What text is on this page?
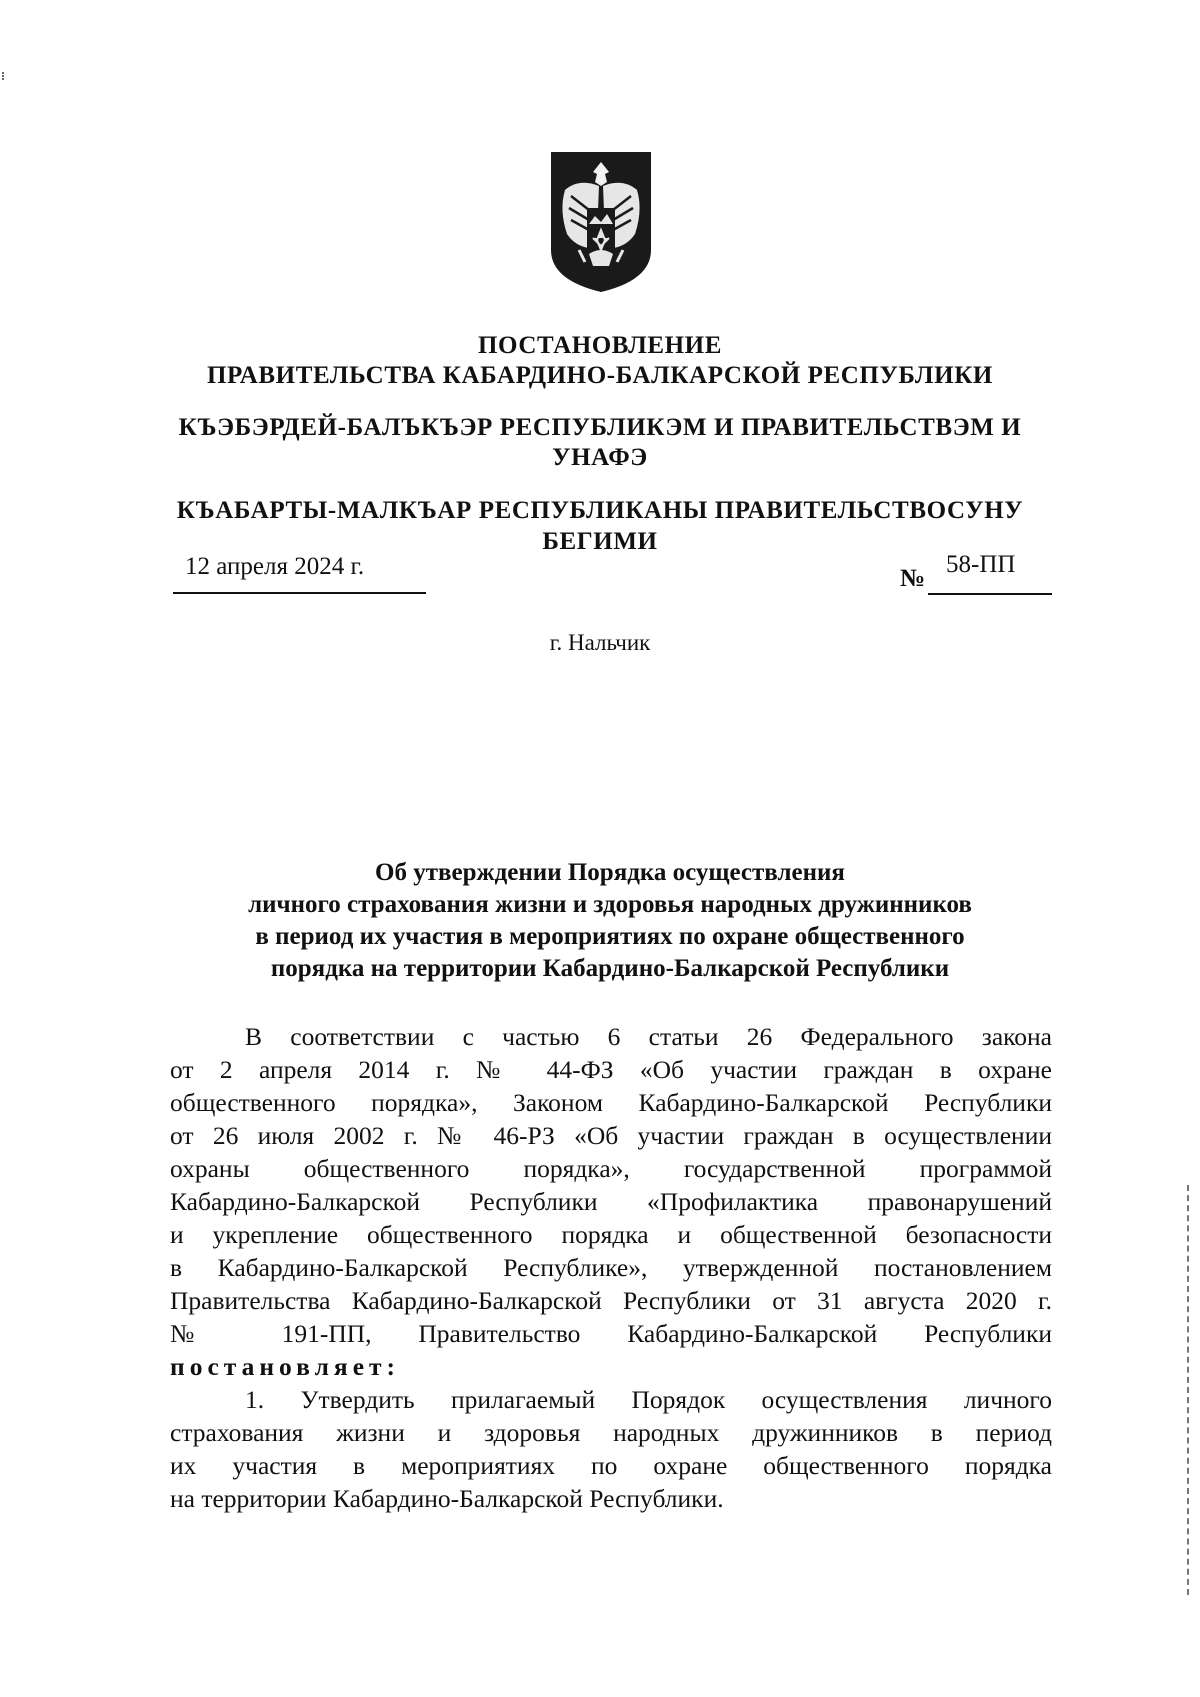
ПОСТАНОВЛЕНИЕ
ПРАВИТЕЛЬСТВА КАБАРДИНО-БАЛКАРСКОЙ РЕСПУБЛИКИ
КЪЭБЭРДЕЙ-БАЛЪКЪЭР РЕСПУБЛИКЭМ И ПРАВИТЕЛЬСТВЭМ И
УНАФЭ
КЪАБАРТЫ-МАЛКЪАР РЕСПУБЛИКАНЫ ПРАВИТЕЛЬСТВОСУНУ
БЕГИМИ
12 апреля 2024 г.	№
58-ПП
г. Нальчик
Об утверждении Порядка осуществления
личного страхования жизни и здоровья народных дружинников
в период их участия в мероприятиях по охране общественного
порядка на территории Кабардино-Балкарской Республики
В соответствии с частью 6 статьи 26 Федерального закона
от 2 апреля 2014 г. № 44-ФЗ «Об участии граждан в охране
общественного порядка», Законом Кабардино-Балкарской Республики
от 26 июля 2002 г. № 46-РЗ «Об участии граждан в осуществлении
охраны общественного порядка», государственной программой
Кабардино-Балкарской Республики «Профилактика правонарушений
и укрепление общественного порядка и общественной безопасности
в Кабардино-Балкарской Республике», утвержденной постановлением
Правительства Кабардино-Балкарской Республики от 31 августа 2020 г.
№ 191-ПП, Правительство Кабардино-Балкарской Республики
постановляет:
1. Утвердить прилагаемый Порядок осуществления личного
страхования жизни и здоровья народных дружинников в период
их участия в мероприятиях по охране общественного порядка
на территории Кабардино-Балкарской Республики.
